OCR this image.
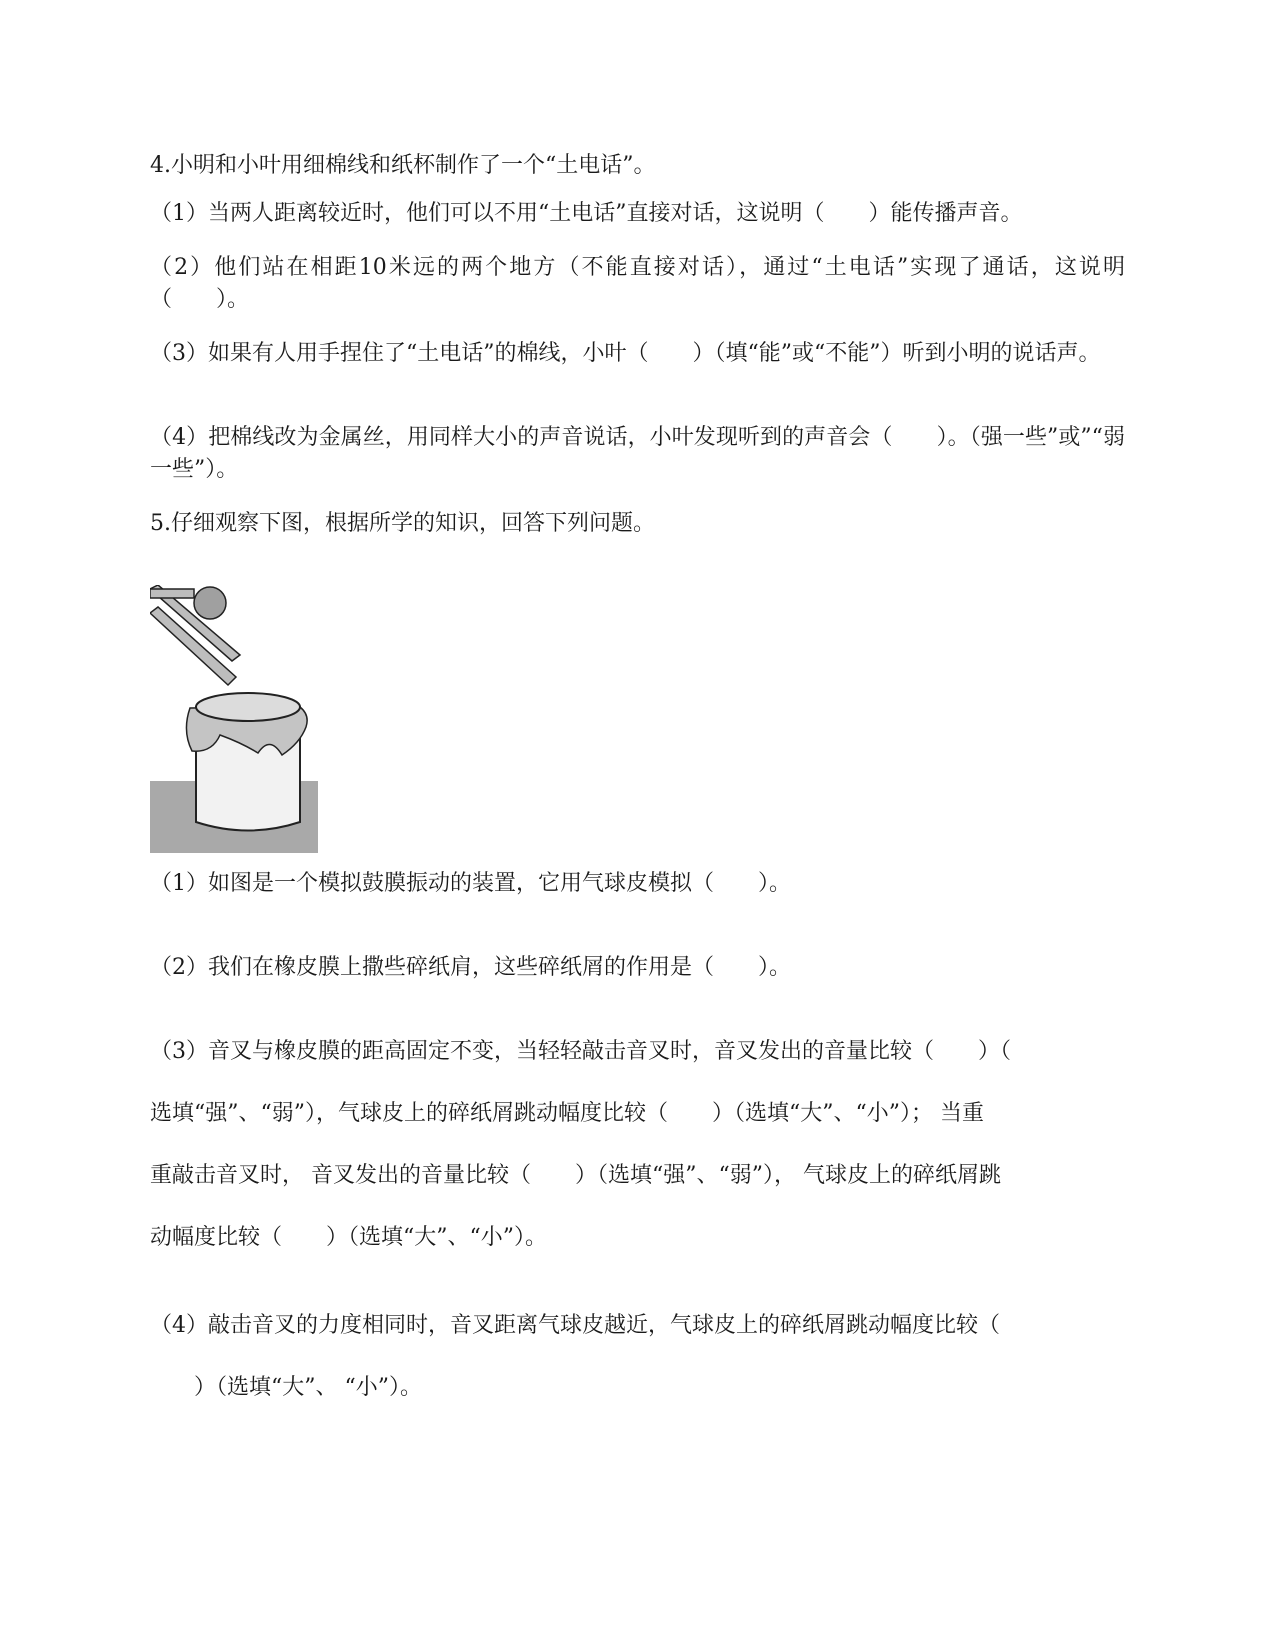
4.小明和小叶用细棉线和纸杯制作了一个“土电话”。
（1）当两人距离较近时，他们可以不用“土电话”直接对话，这说明（　　）能传播声音。
（2）他们站在相距10米远的两个地方（不能直接对话），通过“土电话”实现了通话，这说明（　　）。
（3）如果有人用手捏住了“土电话”的棉线，小叶（　　）（填“能”或“不能”）听到小明的说话声。
（4）把棉线改为金属丝，用同样大小的声音说话，小叶发现听到的声音会（　　）。（强一些”或”“弱一些”）。
5.仔细观察下图，根据所学的知识，回答下列问题。
（1）如图是一个模拟鼓膜振动的装置，它用气球皮模拟（　　）。
（2）我们在橡皮膜上撒些碎纸肩，这些碎纸屑的作用是（　　）。
（3）音叉与橡皮膜的距高固定不变，当轻轻敲击音叉时，音叉发出的音量比较（　　）（
选填“强”、“弱”），气球皮上的碎纸屑跳动幅度比较（　　）（选填“大”、“小”）； 当重
重敲击音叉时， 音叉发出的音量比较（　　）（选填“强”、“弱”）， 气球皮上的碎纸屑跳
动幅度比较（　　）（选填“大”、“小”）。
（4）敲击音叉的力度相同时，音叉距离气球皮越近，气球皮上的碎纸屑跳动幅度比较（
　　）（选填“大”、 “小”）。
